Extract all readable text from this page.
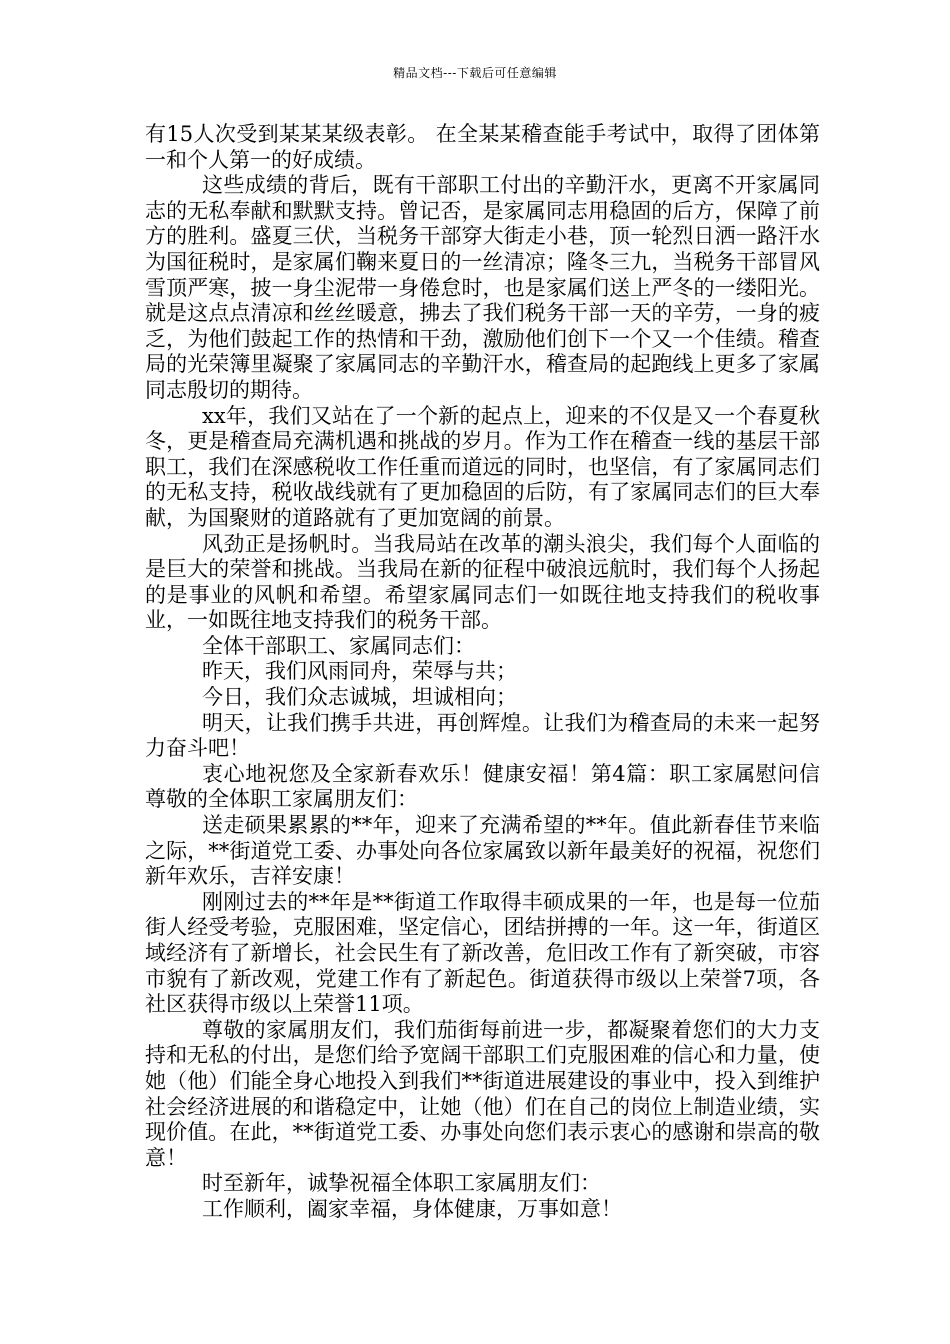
精品文档---下载后可任意编辑

有15人次受到某某某级表彰。 在全某某稽查能手考试中，取得了团体第一和个人第一的好成绩。

这些成绩的背后，既有干部职工付出的辛勤汗水，更离不开家属同志的无私奉献和默默支持。曾记否，是家属同志用稳固的后方，保障了前方的胜利。盛夏三伏，当税务干部穿大街走小巷，顶一轮烈日洒一路汗水为国征税时，是家属们鞠来夏日的一丝清凉；隆冬三九，当税务干部冒风雪顶严寒，披一身尘泥带一身倦怠时，也是家属们送上严冬的一缕阳光。就是这点点清凉和丝丝暖意，拂去了我们税务干部一天的辛劳，一身的疲乏，为他们鼓起工作的热情和干劲，激励他们创下一个又一个佳绩。稽查局的光荣簿里凝聚了家属同志的辛勤汗水，稽查局的起跑线上更多了家属同志殷切的期待。

xx年，我们又站在了一个新的起点上，迎来的不仅是又一个春夏秋冬，更是稽查局充满机遇和挑战的岁月。作为工作在稽查一线的基层干部职工，我们在深感税收工作任重而道远的同时，也坚信，有了家属同志们的无私支持，税收战线就有了更加稳固的后防，有了家属同志们的巨大奉献，为国聚财的道路就有了更加宽阔的前景。

风劲正是扬帆时。当我局站在改革的潮头浪尖，我们每个人面临的是巨大的荣誉和挑战。当我局在新的征程中破浪远航时，我们每个人扬起的是事业的风帆和希望。希望家属同志们一如既往地支持我们的税收事业，一如既往地支持我们的税务干部。

全体干部职工、家属同志们：

昨天，我们风雨同舟，荣辱与共；

今日，我们众志诚城，坦诚相向；

明天，让我们携手共进，再创辉煌。让我们为稽查局的未来一起努力奋斗吧！

衷心地祝您及全家新春欢乐！健康安福！第4篇：职工家属慰问信尊敬的全体职工家属朋友们：

送走硕果累累的**年，迎来了充满希望的**年。值此新春佳节来临之际，**街道党工委、办事处向各位家属致以新年最美好的祝福，祝您们新年欢乐，吉祥安康！

刚刚过去的**年是**街道工作取得丰硕成果的一年，也是每一位茄街人经受考验，克服困难，坚定信心，团结拼搏的一年。这一年，街道区域经济有了新增长，社会民生有了新改善，危旧改工作有了新突破，市容市貌有了新改观，党建工作有了新起色。街道获得市级以上荣誉7项，各社区获得市级以上荣誉11项。

尊敬的家属朋友们，我们茄街每前进一步，都凝聚着您们的大力支持和无私的付出，是您们给予宽阔干部职工们克服困难的信心和力量，使她（他）们能全身心地投入到我们**街道进展建设的事业中，投入到维护社会经济进展的和谐稳定中，让她（他）们在自己的岗位上制造业绩，实现价值。在此，**街道党工委、办事处向您们表示衷心的感谢和崇高的敬意！

时至新年，诚挚祝福全体职工家属朋友们：

工作顺利，阖家幸福，身体健康，万事如意！
